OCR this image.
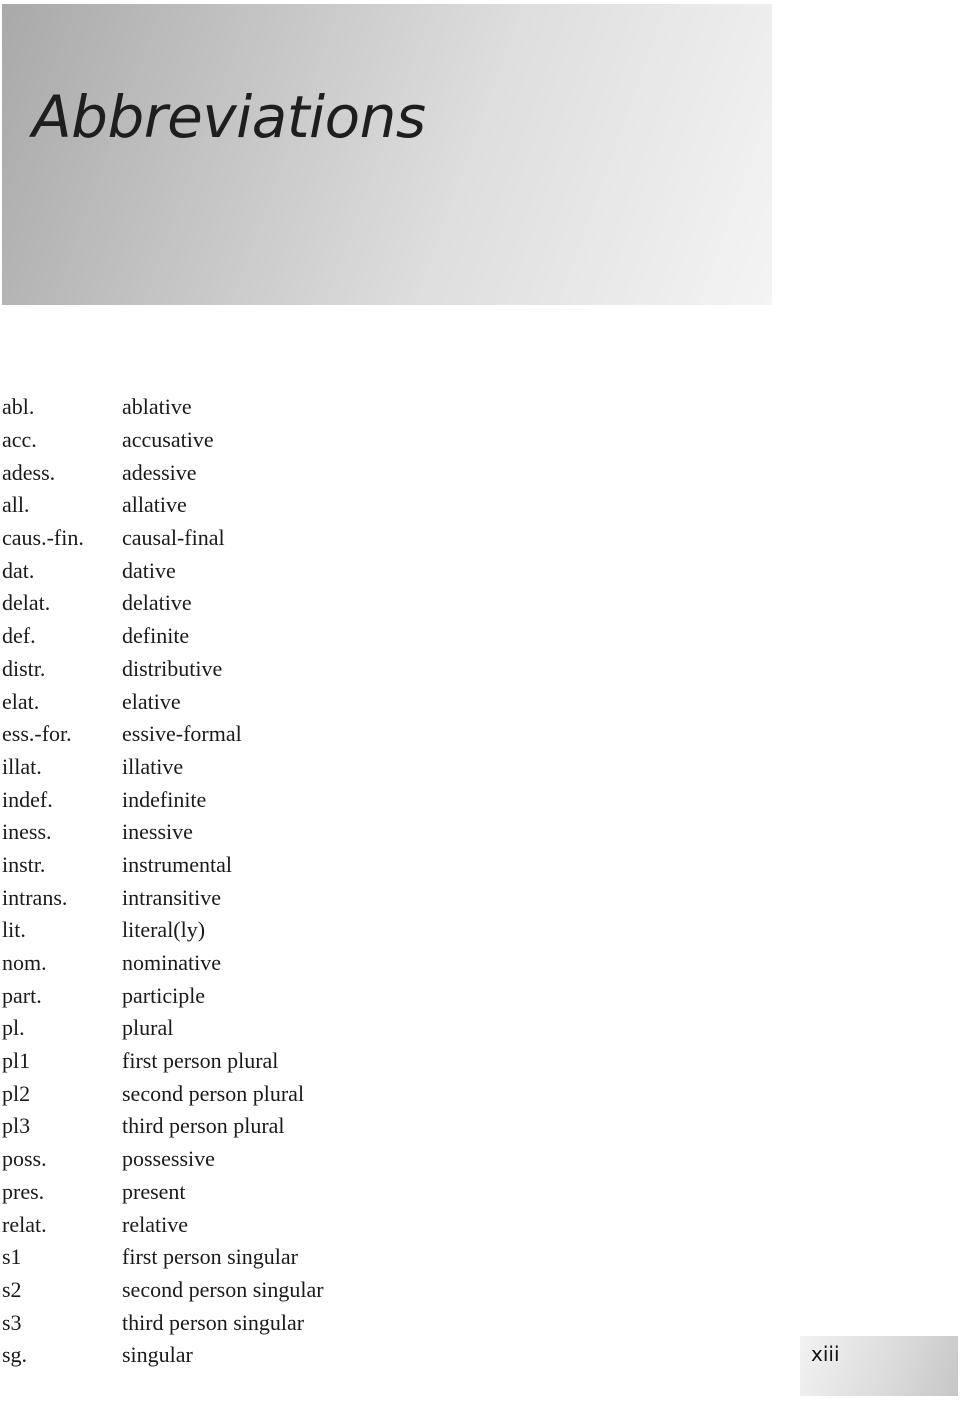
Abbreviations
abl.	ablative
acc.	accusative
adess.	adessive
all.	allative
caus.-fin.	causal-final
dat.	dative
delat.	delative
def.	definite
distr.	distributive
elat.	elative
ess.-for.	essive-formal
illat.	illative
indef.	indefinite
iness.	inessive
instr.	instrumental
intrans.	intransitive
lit.	literal(ly)
nom.	nominative
part.	participle
pl.	plural
pl1	first person plural
pl2	second person plural
pl3	third person plural
poss.	possessive
pres.	present
relat.	relative
s1	first person singular
s2	second person singular
s3	third person singular
sg.	singular	xiii
